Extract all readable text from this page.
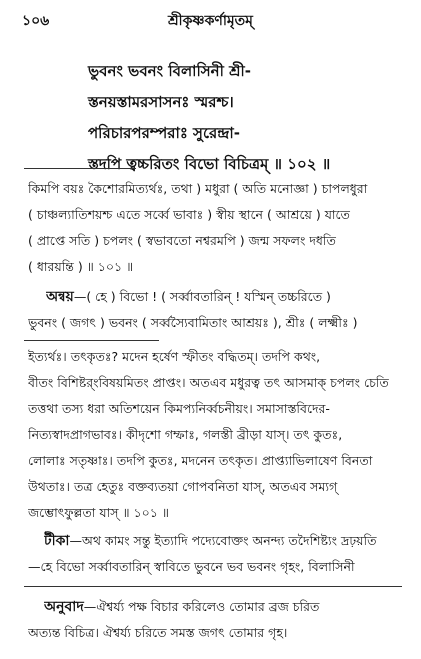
১০৬	শ্রীকৃষ্ণকর্ণামৃতম্
ভুবনং ভবনং বিলাসিনী শ্রী-
স্তনয়স্তামরসাসনঃ স্মরশ্চ।
পরিচারপরম্পরাঃ সুরেন্দ্রা-
স্তদপি ত্বচ্চরিতং বিভো বিচিত্রম্ ॥ ১০২ ॥
কিমপি বয়ঃ কৈশোরমিত্যর্থঃ, তথা ) মধুরা ( অতি মনোজ্ঞা ) চাপলধুরা
( চাঞ্চল্যাতিশয়শ্চ এতে সর্ব্বে ভাবাঃ ) স্বীয় স্থানে ( আশ্রয়ে ) যাতে
( প্রাপ্তে সতি ) চপলং ( স্বভাবতো নশ্বরমপি ) জন্ম সফলং দধতি
( ধারয়ন্তি ) ॥ ১০১ ॥
অন্বয়—( হে ) বিভো ! ( সর্ব্বাবতারিন্ ! যস্মিন্ তচ্চরিতে )
ভুবনং ( জগৎ ) ভবনং ( সর্ব্বস্যৈবামিতাং আশ্রয়ঃ ), শ্রীঃ ( লক্ষ্মীঃ )
ইত্যর্থঃ। তৎকৃতঃ? মদেন হর্ষেণ স্ফীতং বদ্ধিতম্। তদপি কথং,
বীতং বিশিষ্টর্ংবিষয়মিতং প্রাপ্তং। অতএব মধুরত্ব তৎ আসমাক্ চপলং চেতি
তত্তথা তস্য ধরা অতিশয়েন কিমপ্যনির্ব্বচনীয়ং। সমাসাস্তবিদের-
নিত্যস্বাদপ্রাগভাবঃ। কীদৃশো গম্ফাঃ, গলস্তী ব্রীড়া যাস্। তৎ কুতঃ,
লোলাঃ সতৃষ্ণাঃ। তদপি কুতঃ, মদনেন তৎকৃত। প্রাপ্ত্যাভিলাষেণ বিনতা
উথতাঃ। তত্র হেতুঃ বক্তব্যতয়া গোপবনিতা যাস্, অতএব সম্যগ্
জম্ভোৎফুল্লতা যাস্ ॥ ১০১ ॥
টীকা—অথ কামং সন্তু ইত্যাদি পদ্যেবোক্তং অনন্দ্য তদৈশিষ্ট্যং দ্রঢ়য়তি
—হে বিভো সর্ব্বাবতারিন্ স্বাবিতে ভুবনে ভব ভবনং গৃহং, বিলাসিনী
অনুবাদ—ঐশ্বর্য্য পক্ষ বিচার করিলেও তোমার ব্রজ চরিত
অত্যন্ত বিচিত্র। ঐশ্বর্য্য চরিতে সমস্ত জগৎ তোমার গৃহ।
